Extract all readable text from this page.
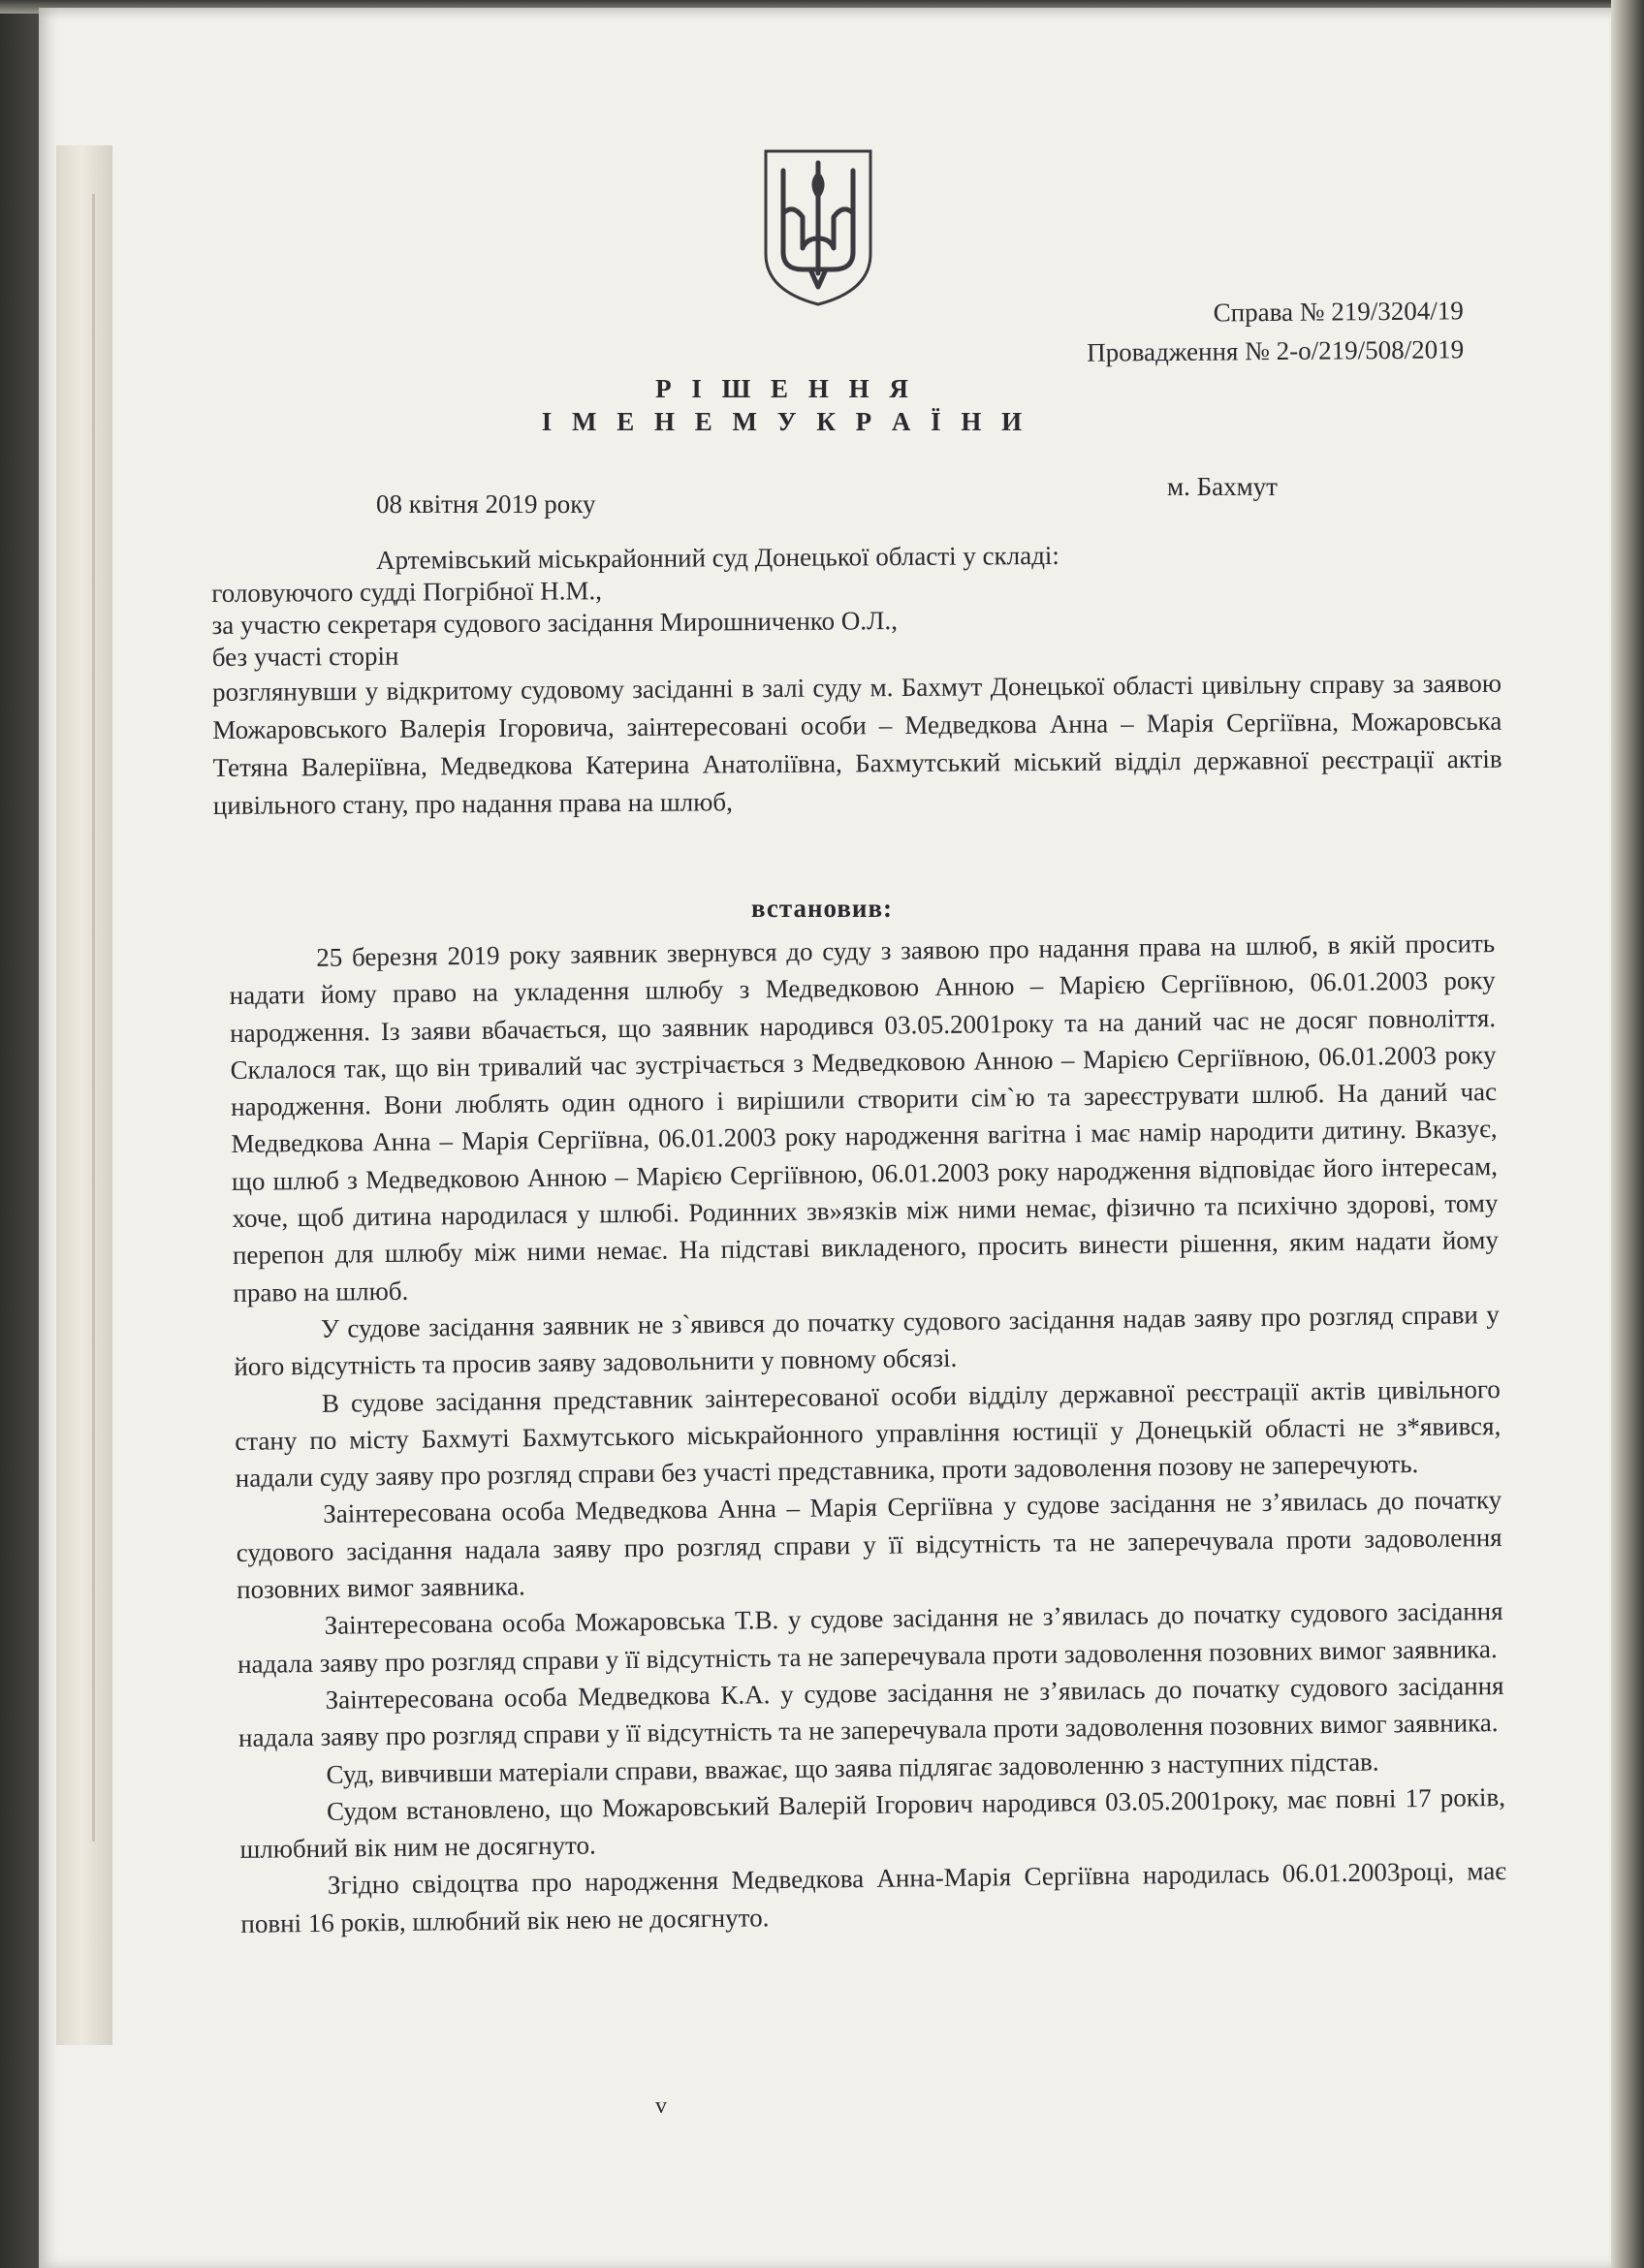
Справа № 219/3204/19
Провадження № 2-о/219/508/2019
Р І Ш Е Н Н Я
І М Е Н Е М У К Р А Ї Н И
08 квітня 2019 року
м. Бахмут
Артемівський міськрайонний суд Донецької області у складі:
головуючого судді Погрібної Н.М.,
за участю секретаря судового засідання Мирошниченко О.Л.,
без участі сторін
розглянувши у відкритому судовому засіданні в залі суду м. Бахмут Донецької області цивільну справу за заявою Можаровського Валерія Ігоровича, заінтересовані особи – Медведкова Анна – Марія Сергіївна, Можаровська Тетяна Валеріївна, Медведкова Катерина Анатоліївна, Бахмутський міський відділ державної реєстрації актів цивільного стану, про надання права на шлюб,
встановив:

25 березня 2019 року заявник звернувся до суду з заявою про надання права на шлюб, в якій просить надати йому право на укладення шлюбу з Медведковою Анною – Марією Сергіївною, 06.01.2003 року народження. Із заяви вбачається, що заявник народився 03.05.2001року та на даний час не досяг повноліття. Склалося так, що він тривалий час зустрічається з Медведковою Анною – Марією Сергіївною, 06.01.2003 року народження. Вони люблять один одного і вирішили створити сім`ю та зареєструвати шлюб. На даний час Медведкова Анна – Марія Сергіївна, 06.01.2003 року народження вагітна і має намір народити дитину. Вказує, що шлюб з Медведковою Анною – Марією Сергіївною, 06.01.2003 року народження відповідає його інтересам, хоче, щоб дитина народилася у шлюбі. Родинних зв»язків між ними немає, фізично та психічно здорові, тому перепон для шлюбу між ними немає. На підставі викладеного, просить винести рішення, яким надати йому право на шлюб.

У судове засідання заявник не з`явився до початку судового засідання надав заяву про розгляд справи у його відсутність та просив заяву задовольнити у повному обсязі.

В судове засідання представник заінтересованої особи відділу державної реєстрації актів цивільного стану по місту Бахмуті Бахмутського міськрайонного управління юстиції у Донецькій області не з*явився, надали суду заяву про розгляд справи без участі представника, проти задоволення позову не заперечують.

Заінтересована особа Медведкова Анна – Марія Сергіївна у судове засідання не з’явилась до початку судового засідання надала заяву про розгляд справи у її відсутність та не заперечувала проти задоволення позовних вимог заявника.

Заінтересована особа Можаровська Т.В. у судове засідання не з’явилась до початку судового засідання надала заяву про розгляд справи у її відсутність та не заперечувала проти задоволення позовних вимог заявника.

Заінтересована особа Медведкова К.А. у судове засідання не з’явилась до початку судового засідання надала заяву про розгляд справи у її відсутність та не заперечувала проти задоволення позовних вимог заявника.

Суд, вивчивши матеріали справи, вважає, що заява підлягає задоволенню з наступних підстав.

Судом встановлено, що Можаровський Валерій Ігорович народився 03.05.2001року, має повні 17 років, шлюбний вік ним не досягнуто.

Згідно свідоцтва про народження Медведкова Анна-Марія Сергіївна народилась 06.01.2003році, має повні 16 років, шлюбний вік нею не досягнуто.

v
